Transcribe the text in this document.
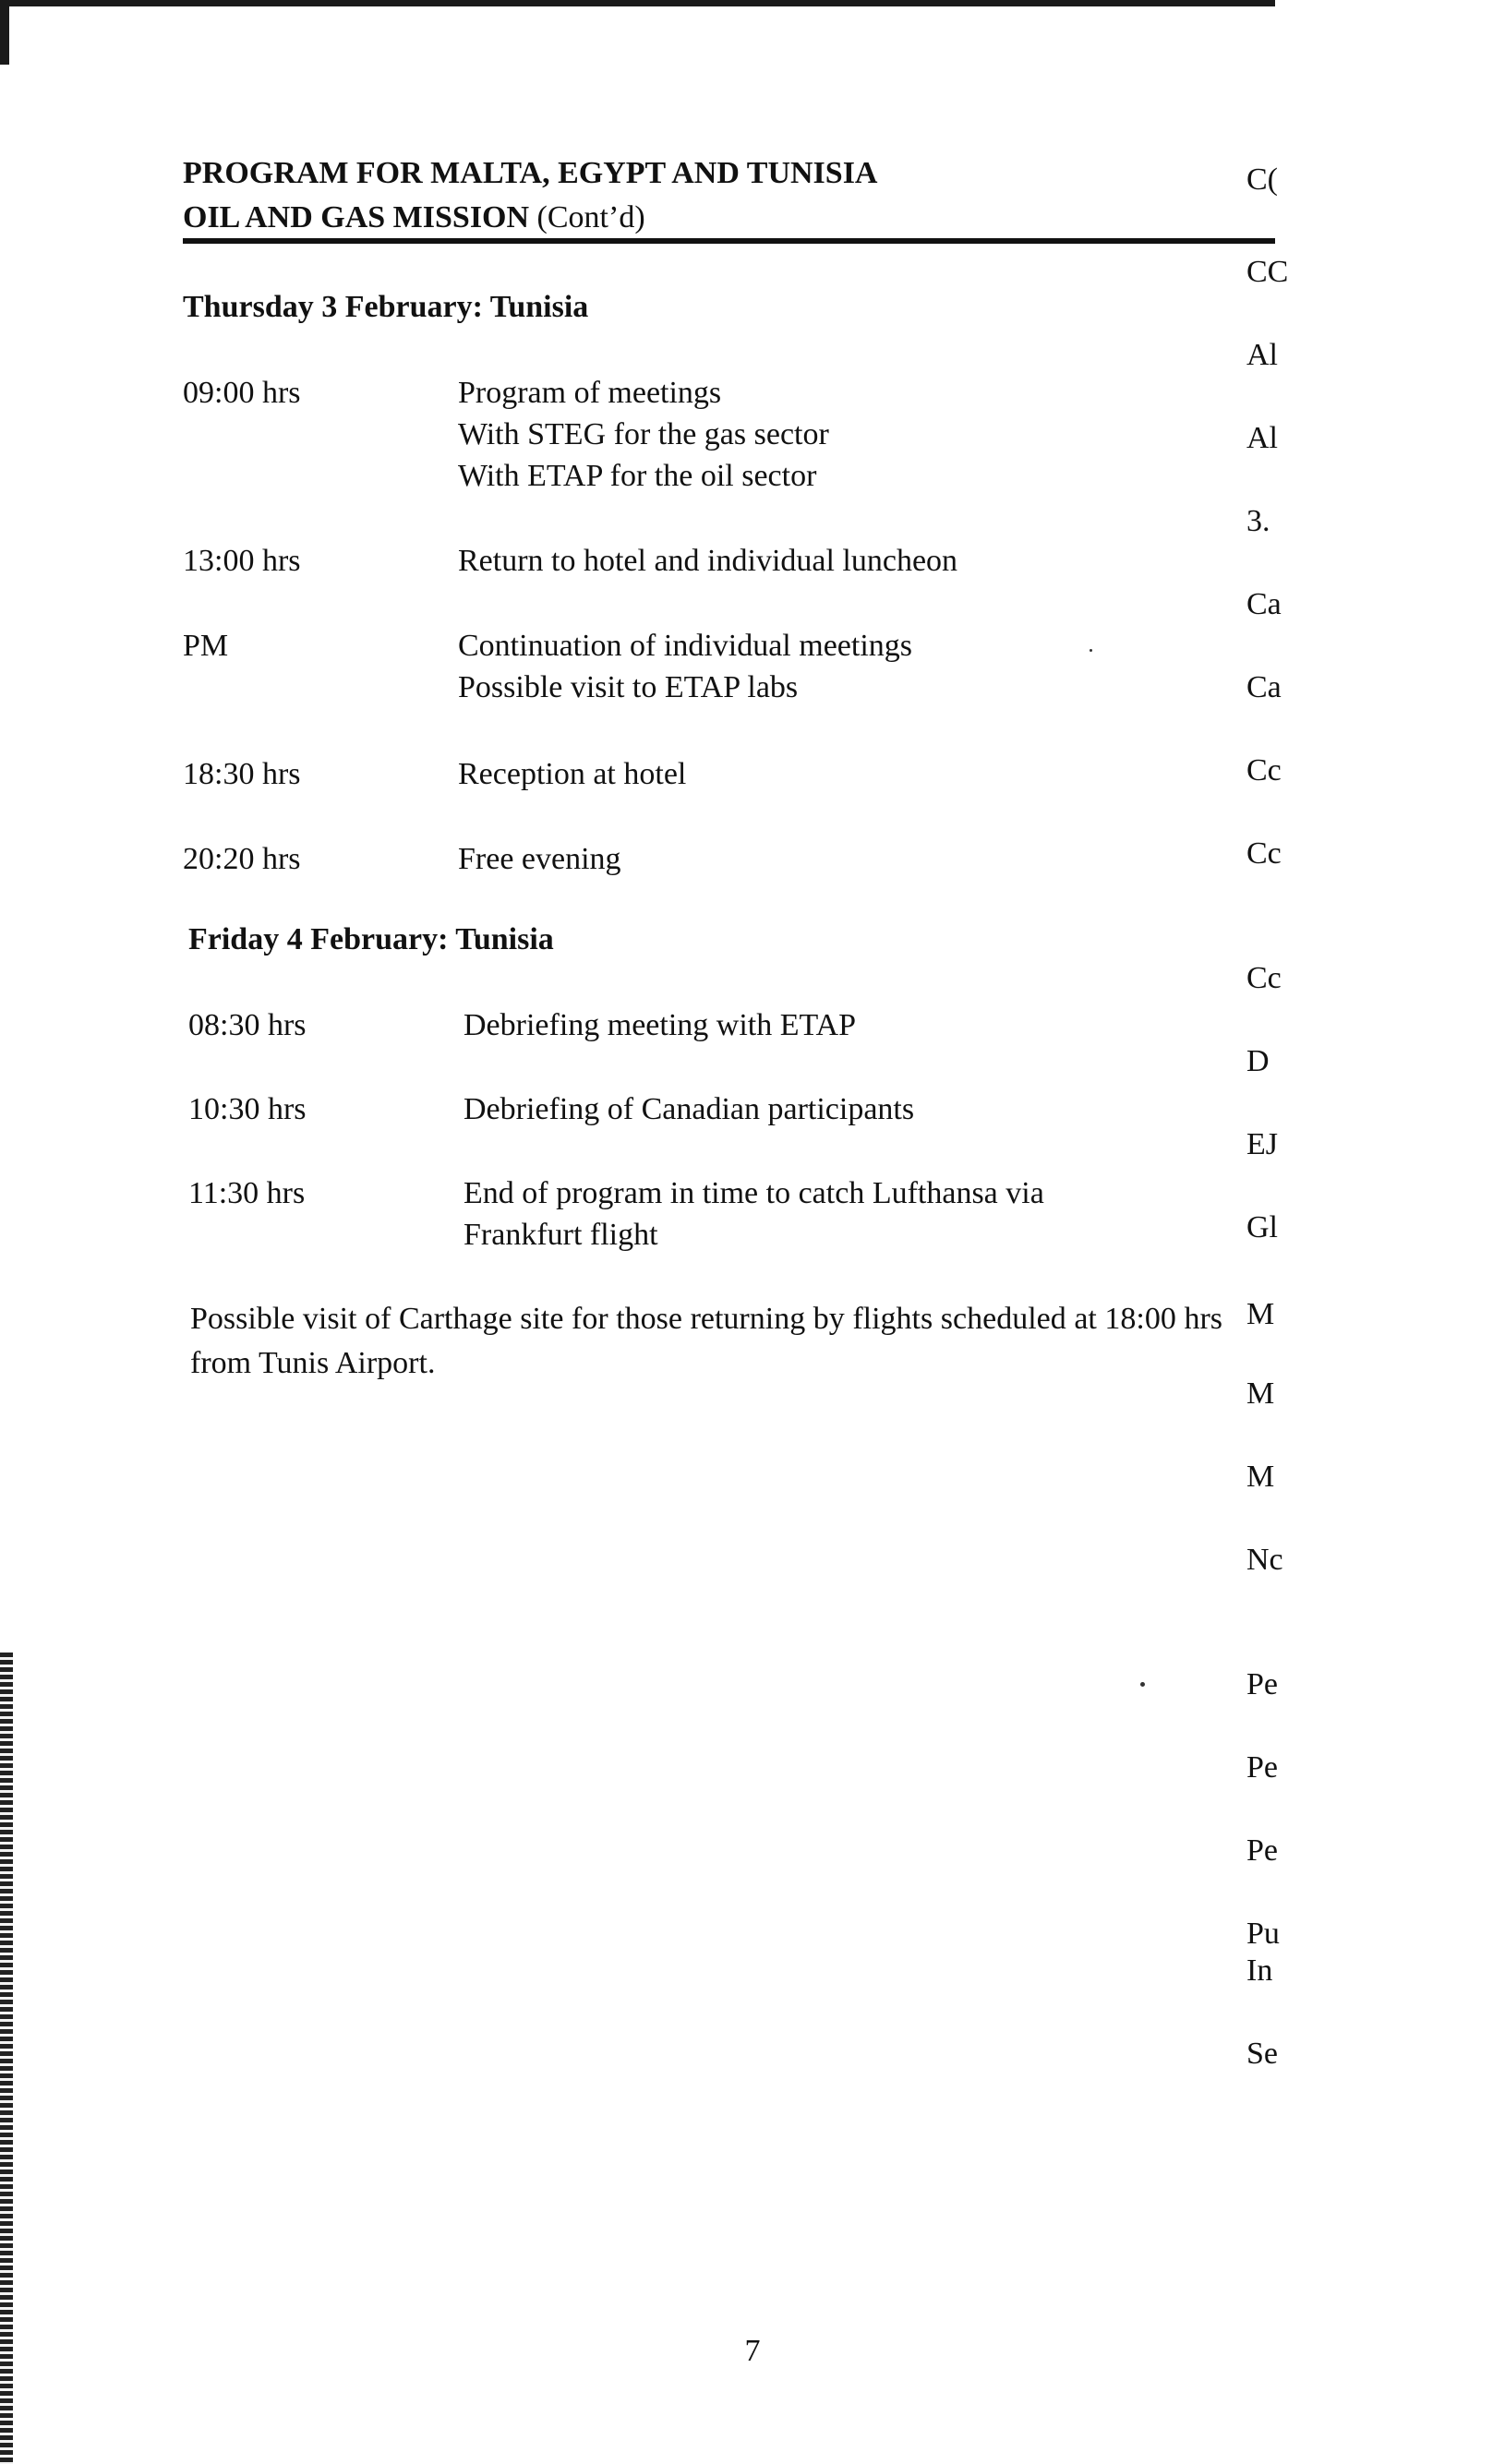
PROGRAM FOR MALTA, EGYPT AND TUNISIA
OIL AND GAS MISSION (Cont’d)
Thursday 3 February: Tunisia
09:00 hrs	Program of meetings
With STEG for the gas sector
With ETAP for the oil sector
13:00 hrs	Return to hotel and individual luncheon
PM	Continuation of individual meetings
Possible visit to ETAP labs
18:30 hrs	Reception at hotel
20:20 hrs	Free evening
Friday 4 February: Tunisia
08:30 hrs	Debriefing meeting with ETAP
10:30 hrs	Debriefing of Canadian participants
11:30 hrs	End of program in time to catch Lufthansa via
Frankfurt flight
Possible visit of Carthage site for those returning by flights scheduled at 18:00 hrs from Tunis Airport.
7
C(
CC
Al
Al
3.
Ca
Ca
Cc
Cc
Cc
D
EJ
Gl
M
M
M
Nc
Pe
Pe
Pe
Pu
In
Se
